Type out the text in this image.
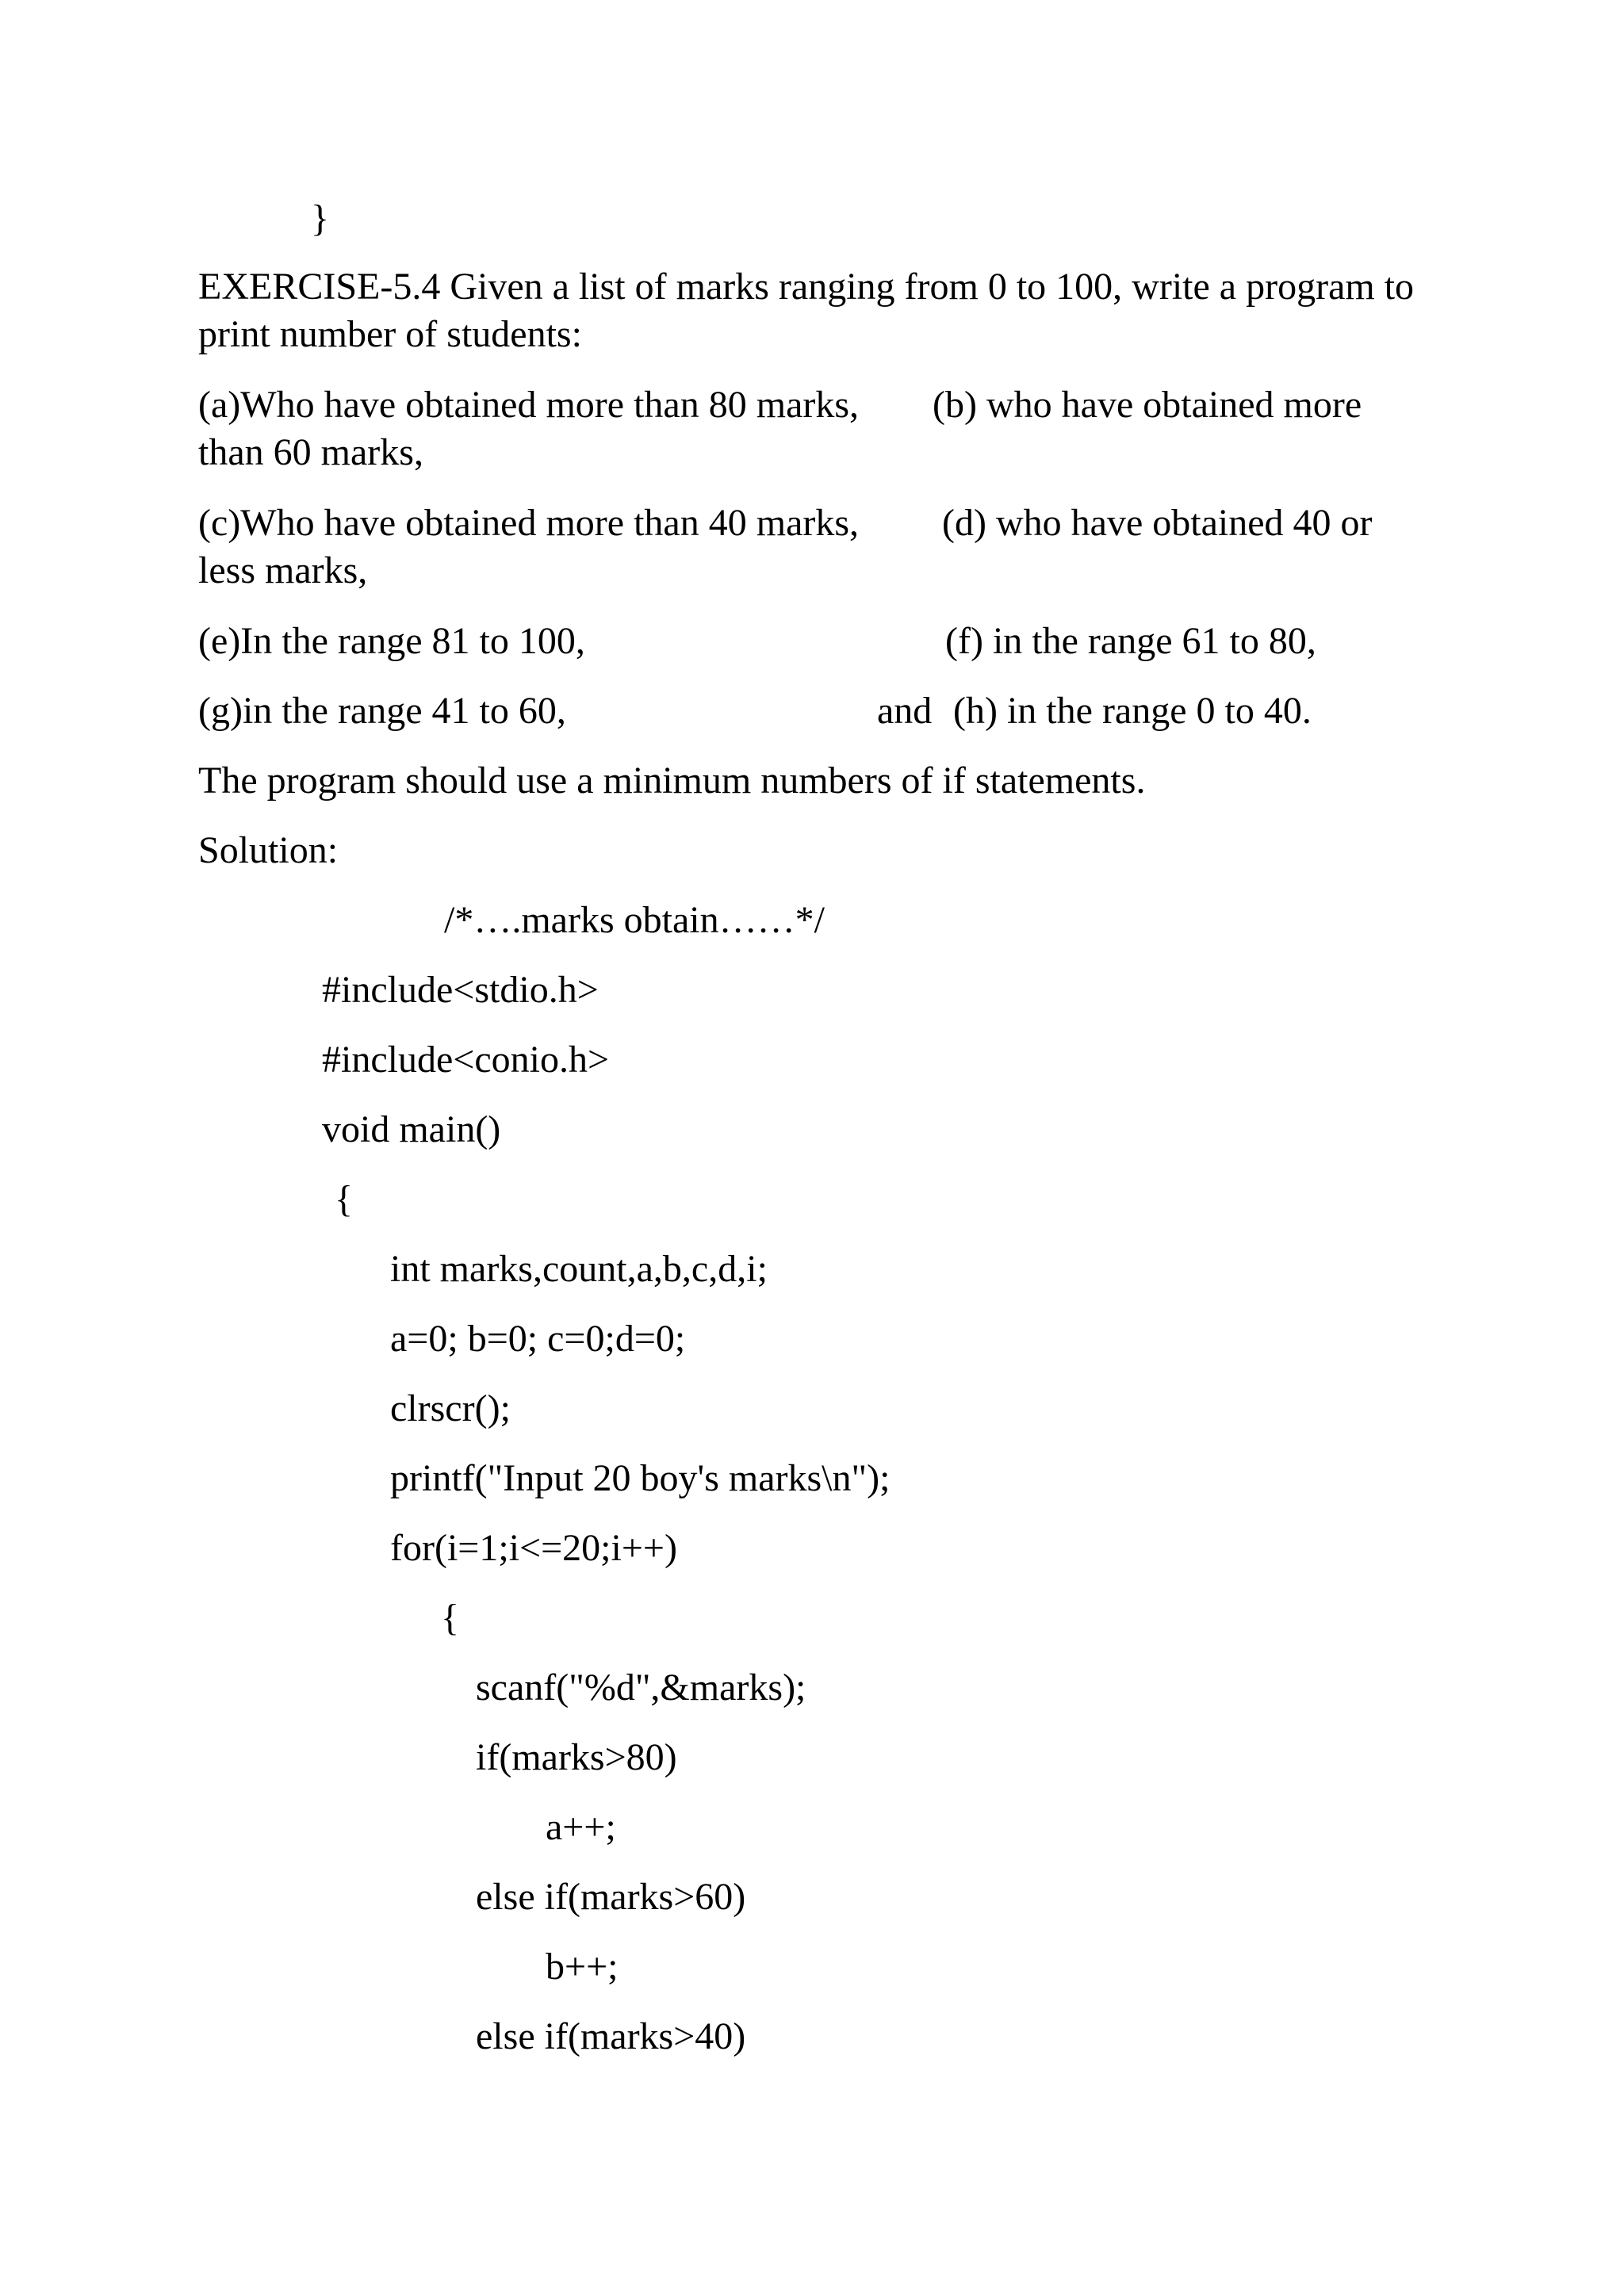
}
EXERCISE-5.4 Given a list of marks ranging from 0 to 100, write a program to
print number of students:
(a)Who have obtained more than 80 marks, (b) who have obtained more
than 60 marks,
(c)Who have obtained more than 40 marks, (d) who have obtained 40 or
less marks,
(e)In the range 81 to 100,	(f) in the range 61 to 80,
(g)in the range 41 to 60,	and (h) in the range 0 to 40.
The program should use a minimum numbers of if statements.
Solution:
/*….marks obtain……*/
#include<stdio.h>
#include<conio.h>
void main()
{
int marks,count,a,b,c,d,i;
a=0; b=0; c=0;d=0;
clrscr();
printf("Input 20 boy's marks\n");
for(i=1;i<=20;i++)
{
scanf("%d",&marks);
if(marks>80)
a++;
else if(marks>60)
b++;
else if(marks>40)
